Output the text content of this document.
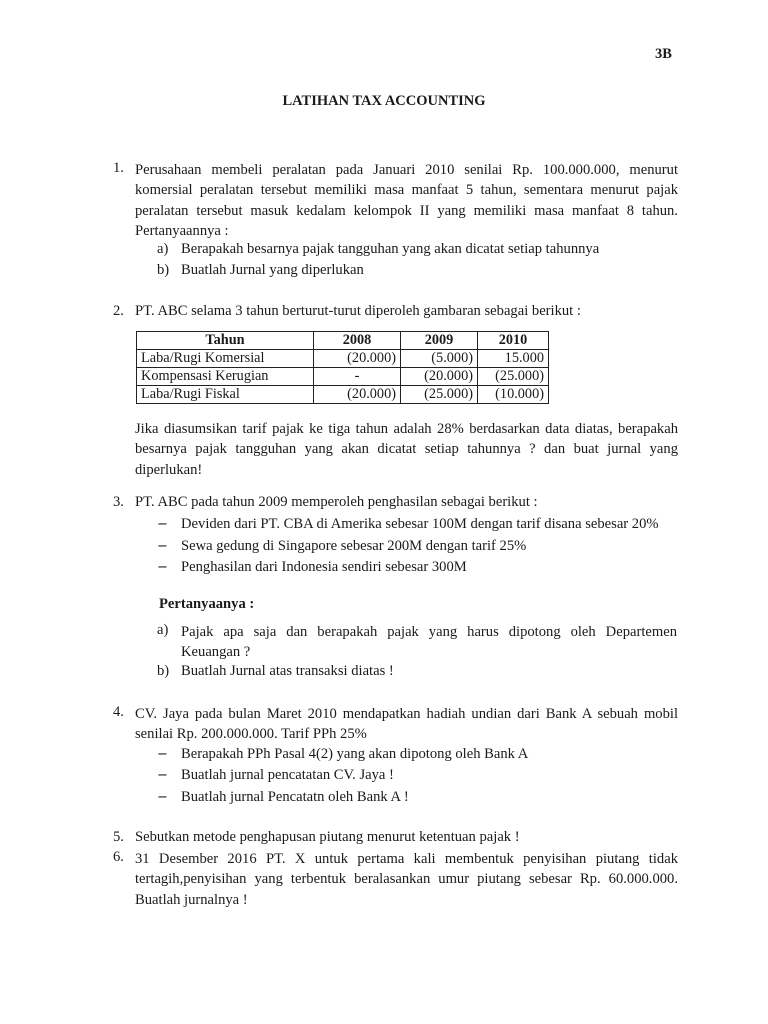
3B
LATIHAN TAX ACCOUNTING
1. Perusahaan membeli peralatan pada Januari 2010 senilai Rp. 100.000.000, menurut
komersial peralatan tersebut memiliki masa manfaat 5 tahun, sementara menurut pajak
peralatan tersebut masuk kedalam kelompok II yang memiliki masa manfaat 8 tahun.
Pertanyaannya :
a) Berapakah besarnya pajak tangguhan yang akan dicatat setiap tahunnya
b) Buatlah Jurnal yang diperlukan
2. PT. ABC selama 3 tahun berturut-turut diperoleh gambaran sebagai berikut :
Tahun	2008	2009	2010
Laba/Rugi Komersial	(20.000)	(5.000)	15.000
Kompensasi Kerugian	-	(20.000)	(25.000)
Laba/Rugi Fiskal	(20.000)	(25.000)	(10.000)
Jika diasumsikan tarif pajak ke tiga tahun adalah 28% berdasarkan data diatas, berapakah
besarnya pajak tangguhan yang akan dicatat setiap tahunnya ? dan buat jurnal yang
diperlukan!
3. PT. ABC pada tahun 2009 memperoleh penghasilan sebagai berikut :
− Deviden dari PT. CBA di Amerika sebesar 100M dengan tarif disana sebesar 20%
− Sewa gedung di Singapore sebesar 200M dengan tarif 25%
− Penghasilan dari Indonesia sendiri sebesar 300M
Pertanyaanya :
a) Pajak apa saja dan berapakah pajak yang harus dipotong oleh Departemen
Keuangan ?
b) Buatlah Jurnal atas transaksi diatas !
4. CV. Jaya pada bulan Maret 2010 mendapatkan hadiah undian dari Bank A sebuah mobil
senilai Rp. 200.000.000. Tarif PPh 25%
− Berapakah PPh Pasal 4(2) yang akan dipotong oleh Bank A
− Buatlah jurnal pencatatan CV. Jaya !
− Buatlah jurnal Pencatatn oleh Bank A !
5. Sebutkan metode penghapusan piutang menurut ketentuan pajak !
6. 31 Desember 2016 PT. X untuk pertama kali membentuk penyisihan piutang tidak
tertagih,penyisihan yang terbentuk beralasankan umur piutang sebesar Rp. 60.000.000.
Buatlah jurnalnya !
